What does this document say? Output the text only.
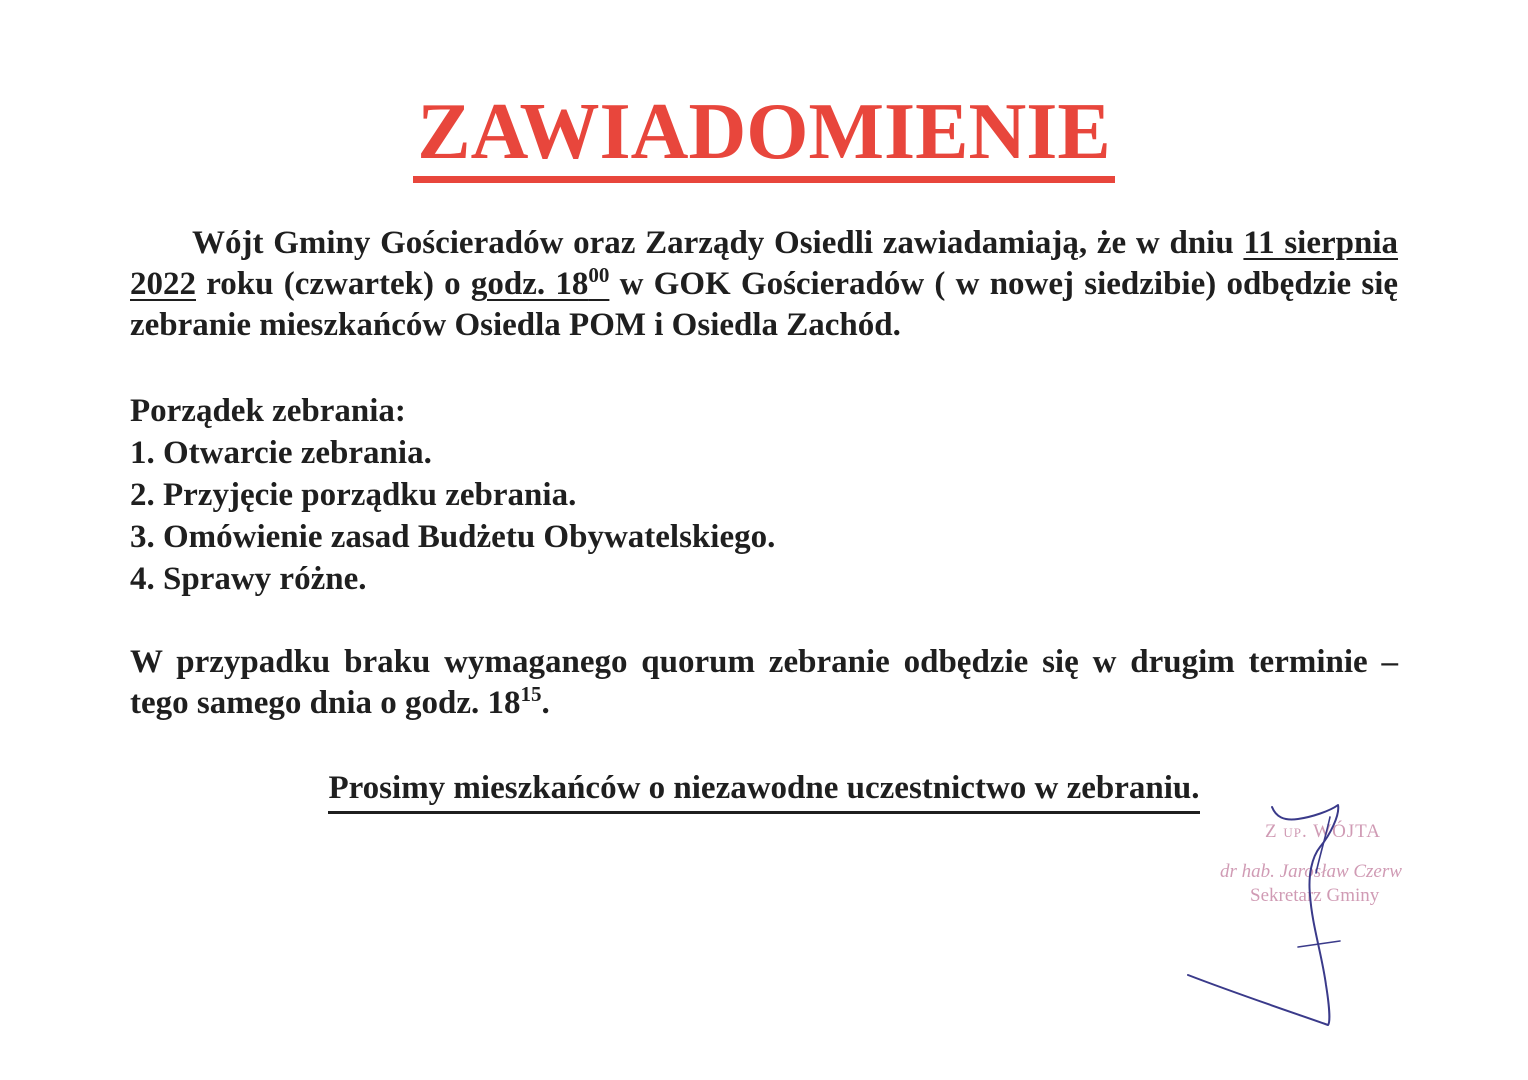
ZAWIADOMIENIE

Wójt Gminy Gościeradów oraz Zarządy Osiedli zawiadamiają, że w dniu 11 sierpnia 2022 roku (czwartek) o godz. $18^{00}$ w GOK Gościeradów ( w nowej siedzibie) odbędzie się zebranie mieszkańców Osiedla POM i Osiedla Zachód.

Porządek zebrania:
1. Otwarcie zebrania.
2. Przyjęcie porządku zebrania.
3. Omówienie zasad Budżetu Obywatelskiego.
4. Sprawy różne.

W przypadku braku wymaganego quorum zebranie odbędzie się w drugim terminie – tego samego dnia o godz. $18^{15}$.

Prosimy mieszkańców o niezawodne uczestnictwo w zebraniu.

Z up. WÓJTA
dr hab. Jarosław Czerw
Sekretarz Gminy
